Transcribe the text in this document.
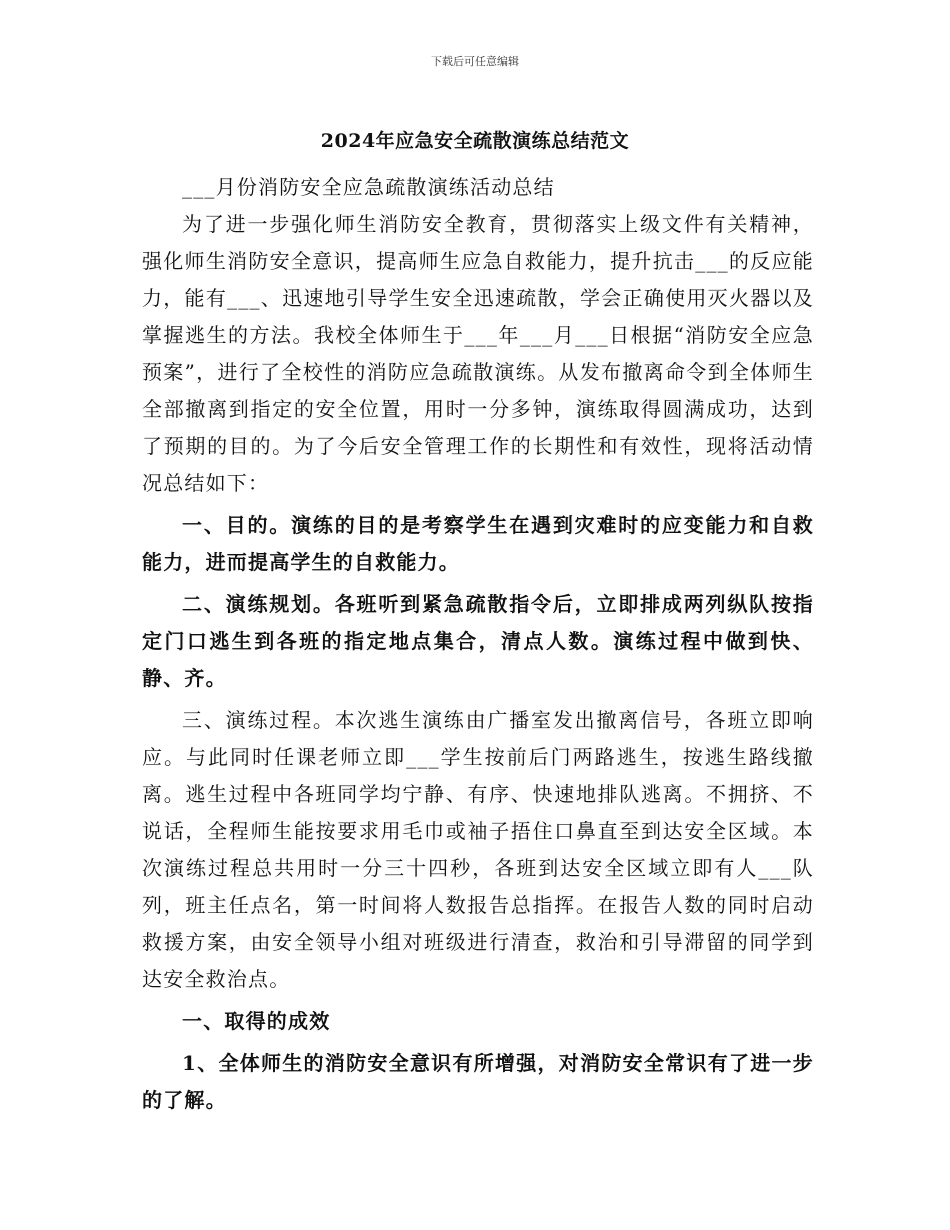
下载后可任意编辑
2024年应急安全疏散演练总结范文

___月份消防安全应急疏散演练活动总结

为了进一步强化师生消防安全教育，贯彻落实上级文件有关精神，强化师生消防安全意识，提高师生应急自救能力，提升抗击___的反应能力，能有___、迅速地引导学生安全迅速疏散，学会正确使用灭火器以及掌握逃生的方法。我校全体师生于___年___月___日根据“消防安全应急预案”，进行了全校性的消防应急疏散演练。从发布撤离命令到全体师生全部撤离到指定的安全位置，用时一分多钟，演练取得圆满成功，达到了预期的目的。为了今后安全管理工作的长期性和有效性，现将活动情况总结如下：

一、目的。演练的目的是考察学生在遇到灾难时的应变能力和自救能力，进而提高学生的自救能力。

二、演练规划。各班听到紧急疏散指令后，立即排成两列纵队按指定门口逃生到各班的指定地点集合，清点人数。演练过程中做到快、静、齐。

三、演练过程。本次逃生演练由广播室发出撤离信号，各班立即响应。与此同时任课老师立即___学生按前后门两路逃生，按逃生路线撤离。逃生过程中各班同学均宁静、有序、快速地排队逃离。不拥挤、不说话，全程师生能按要求用毛巾或袖子捂住口鼻直至到达安全区域。本次演练过程总共用时一分三十四秒，各班到达安全区域立即有人___队列，班主任点名，第一时间将人数报告总指挥。在报告人数的同时启动救援方案，由安全领导小组对班级进行清查，救治和引导滞留的同学到达安全救治点。

一、取得的成效

1、全体师生的消防安全意识有所增强，对消防安全常识有了进一步的了解。
